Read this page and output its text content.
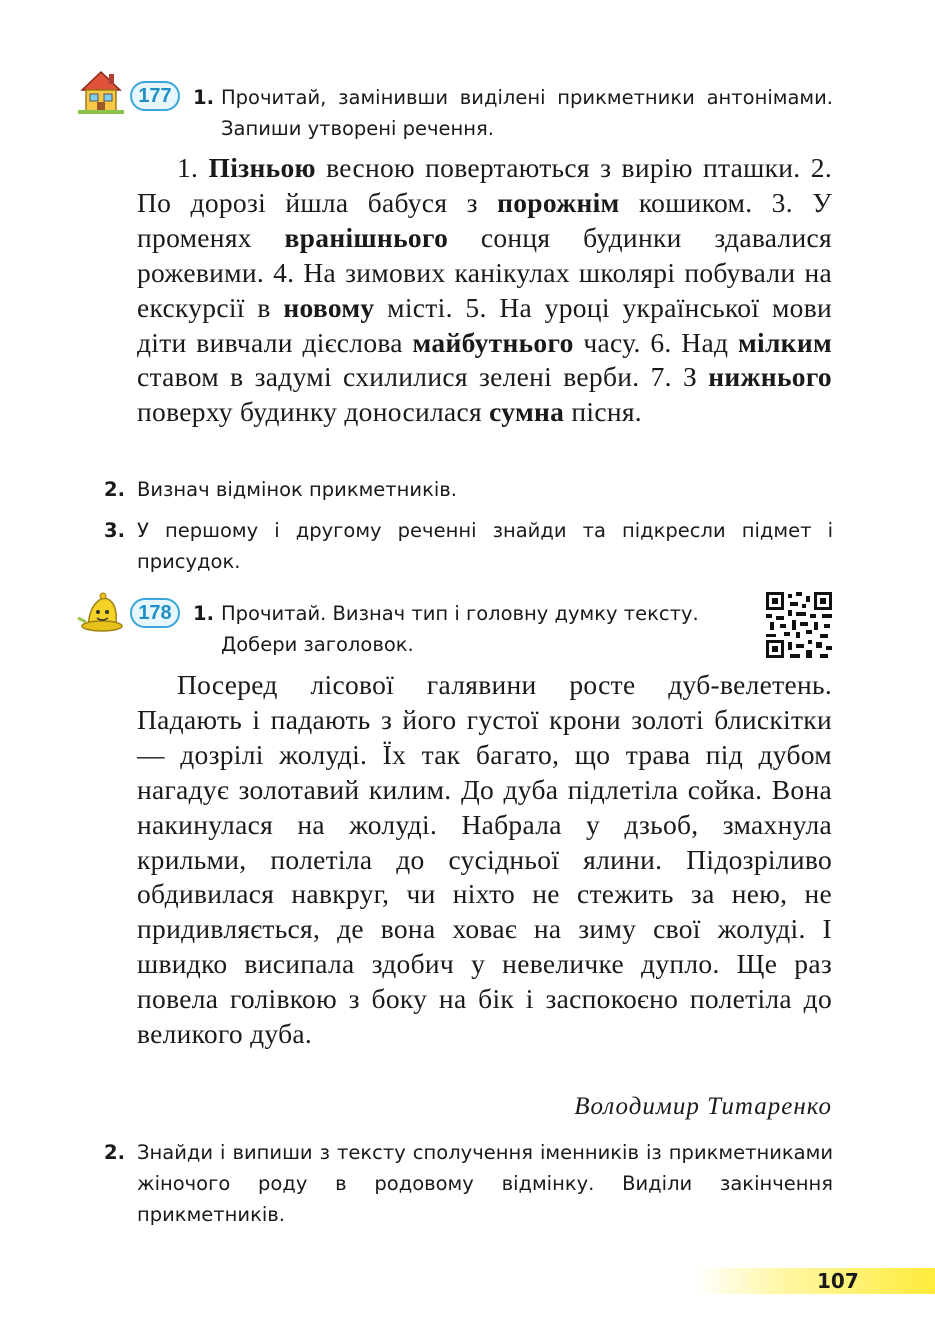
177	1. Прочитай, замінивши виділені прикметники антонімами. Запиши утворені речення.

1. Пізньою весною повертаються з вирію пташки. 2. По дорозі йшла бабуся з порожнім кошиком. 3. У променях вранішнього сонця будинки здавалися рожевими. 4. На зимових канікулах школярі побували на екскурсії в новому місті. 5. На уроці української мови діти вивчали дієслова майбутнього часу. 6. Над мілким ставом в задумі схилилися зелені верби. 7. З нижнього поверху будинку доносилася сумна пісня.

2. Визнач відмінок прикметників.
3. У першому і другому реченні знайди та підкресли підмет і присудок.
178	1. Прочитай. Визнач тип і головну думку тексту.
Добери заголовок.

Посеред лісової галявини росте дуб-велетень. Падають і падають з його густої крони золоті блискітки — дозрілі жолуді. Їх так багато, що трава під дубом нагадує золотавий килим. До дуба підлетіла сойка. Вона накинулася на жолуді. Набрала у дзьоб, змахнула крильми, полетіла до сусідньої ялини. Підозріливо обдивилася навкруг, чи ніхто не стежить за нею, не придивляється, де вона ховає на зиму свої жолуді. І швидко висипала здобич у невеличке дупло. Ще раз повела голівкою з боку на бік і заспокоєно полетіла до великого дуба.

Володимир Титаренко
2. Знайди і випиши з тексту сполучення іменників із прикметниками жіночого роду в родовому відмінку. Виділи закінчення прикметників.
107
